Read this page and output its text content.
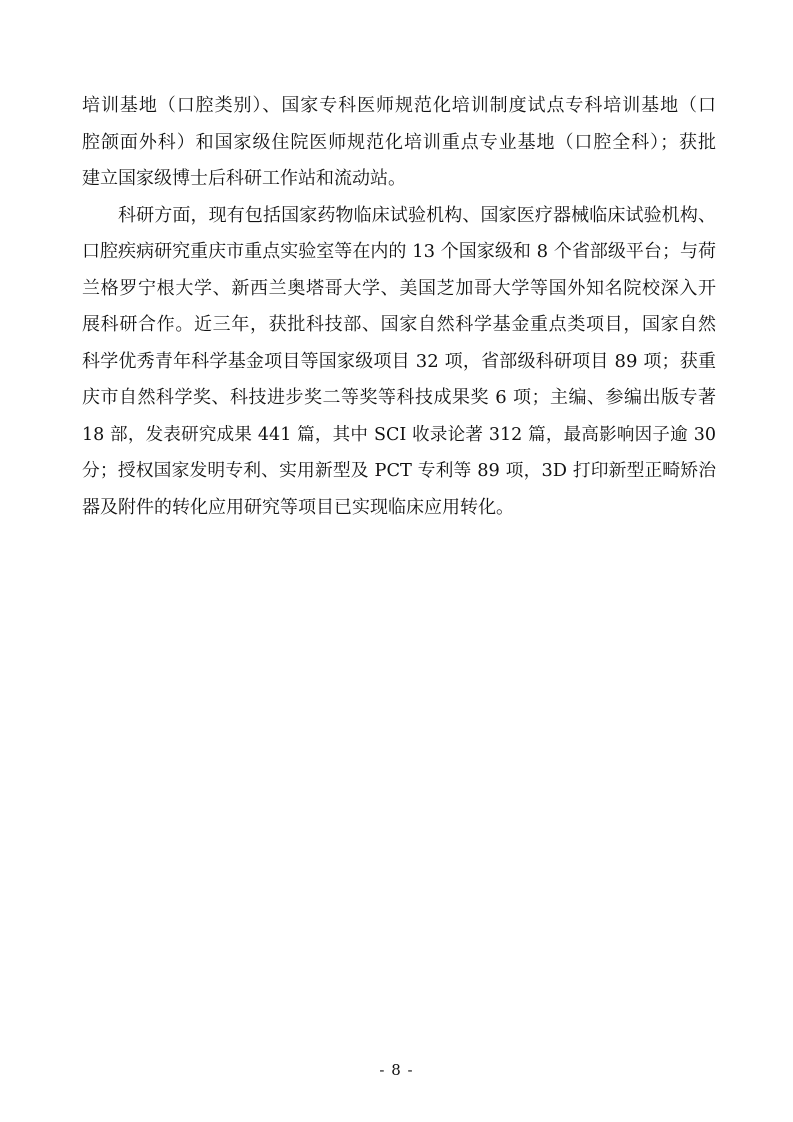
培训基地（口腔类别）、国家专科医师规范化培训制度试点专科培训基地（口
腔颌面外科）和国家级住院医师规范化培训重点专业基地（口腔全科）；获批
建立国家级博士后科研工作站和流动站。
科研方面，现有包括国家药物临床试验机构、国家医疗器械临床试验机构、
口腔疾病研究重庆市重点实验室等在内的 13 个国家级和 8 个省部级平台；与荷
兰格罗宁根大学、新西兰奥塔哥大学、美国芝加哥大学等国外知名院校深入开
展科研合作。近三年，获批科技部、国家自然科学基金重点类项目，国家自然
科学优秀青年科学基金项目等国家级项目 32 项，省部级科研项目 89 项；获重
庆市自然科学奖、科技进步奖二等奖等科技成果奖 6 项；主编、参编出版专著
18 部，发表研究成果 441 篇，其中 SCI 收录论著 312 篇，最高影响因子逾 30
分；授权国家发明专利、实用新型及 PCT 专利等 89 项，3D 打印新型正畸矫治
器及附件的转化应用研究等项目已实现临床应用转化。
- 8 -
